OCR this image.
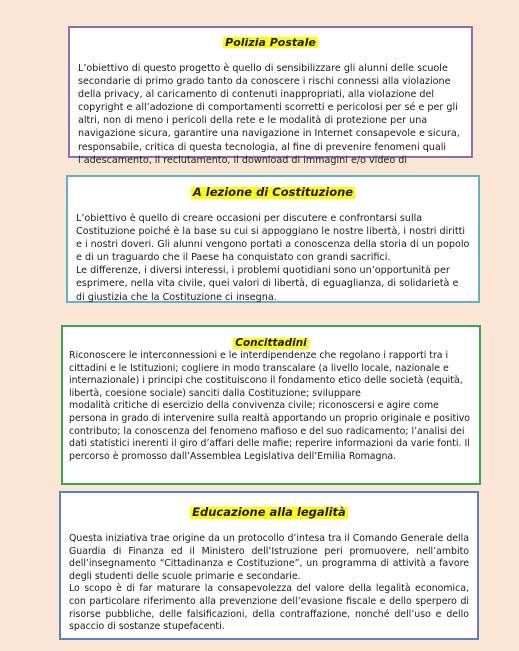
Polizia Postale

L’obiettivo di questo progetto è quello di sensibilizzare gli alunni delle scuole secondarie di primo grado tanto da conoscere i rischi connessi alla violazione della privacy, al caricamento di contenuti inappropriati, alla violazione del copyright e all’adozione di comportamenti scorretti e pericolosi per sé e per gli altri, non di meno i pericoli della rete e le modalità di protezione per una navigazione sicura, garantire una navigazione in Internet consapevole e sicura, responsabile, critica di questa tecnologia, al fine di prevenire fenomeni quali l’adescamento, il reclutamento, il download di immagini e/o video di

A lezione di Costituzione

L’obiettivo è quello di creare occasioni per discutere e confrontarsi sulla Costituzione poiché è la base su cui si appoggiano le nostre libertà, i nostri diritti e i nostri doveri. Gli alunni vengono portati a conoscenza della storia di un popolo e di un traguardo che il Paese ha conquistato con grandi sacrifici.

Le differenze, i diversi interessi, i problemi quotidiani sono un’opportunità per esprimere, nella vita civile, quei valori di libertà, di eguaglianza, di solidarietà e di giustizia che la Costituzione ci insegna.

Concittadini

Riconoscere le interconnessioni e le interdipendenze che regolano i rapporti tra i cittadini e le Istituzioni; cogliere in modo transcalare (a livello locale, nazionale e internazionale) i principi che costituiscono il fondamento etico delle società (equità, libertà, coesione sociale) sanciti dalla Costituzione; sviluppare

modalità critiche di esercizio della convivenza civile; riconoscersi e agire come persona in grado di intervenire sulla realtà apportando un proprio originale e positivo contributo; la conoscenza del fenomeno mafioso e del suo radicamento; l’analisi dei dati statistici inerenti il giro d’affari delle mafie; reperire informazioni da varie fonti. Il percorso è promosso dall’Assemblea Legislativa dell’Emilia Romagna.

Educazione alla legalità

Questa iniziativa trae origine da un protocollo d’intesa tra il Comando Generale della Guardia di Finanza ed il Ministero dell’Istruzione peri promuovere, nell’ambito dell’insegnamento “Cittadinanza e Costituzione”, un programma di attività a favore degli studenti delle scuole primarie e secondarie.

Lo scopo è di far maturare la consapevolezza del valore della legalità economica, con particolare riferimento alla prevenzione dell’evasione fiscale e dello sperpero di risorse pubbliche, delle falsificazioni, della contraffazione, nonché dell’uso e dello spaccio di sostanze stupefacenti.
